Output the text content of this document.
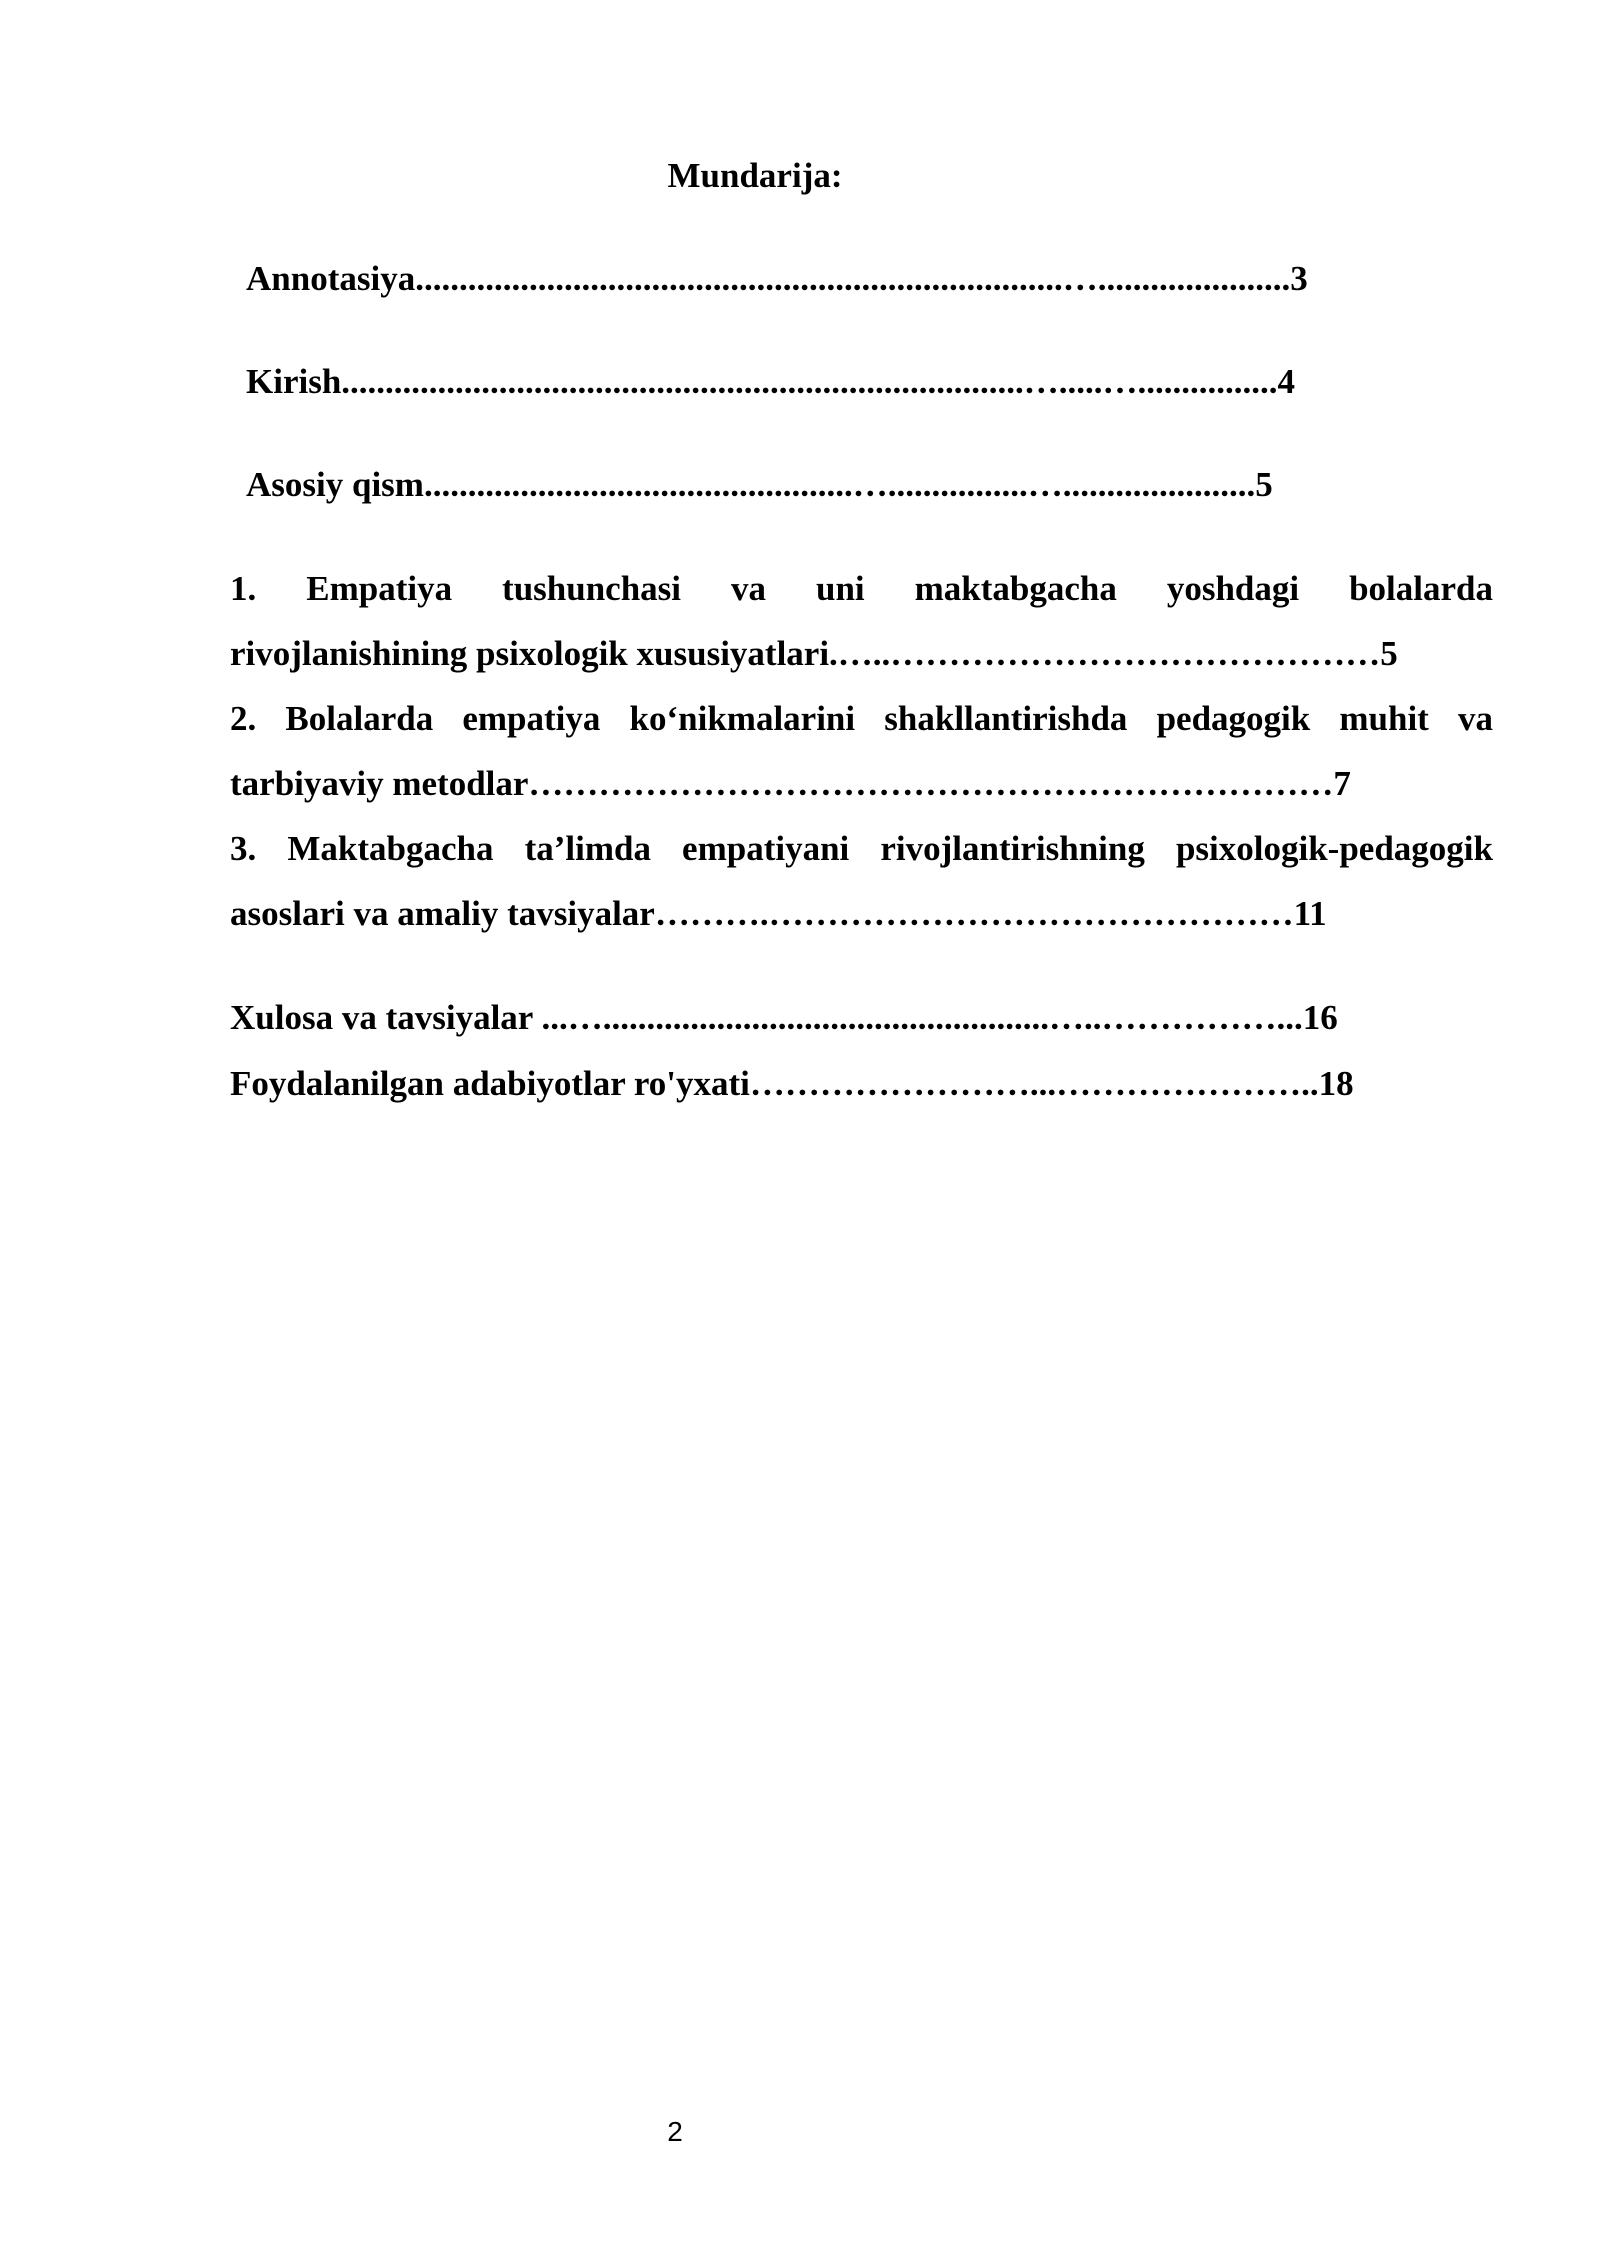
Mundarija:
Annotasiya..........................................................................…......................3
Kirish..............................................................................….....…................4
Asosiy qism.................................................…................…......................5
1. Empatiya tushunchasi va uni maktabgacha yoshdagi bolalarda
rivojlanishining psixologik xususiyatlari.…..……………………………………5
2. Bolalarda empatiya ko‘nikmalarini shakllantirishda pedagogik muhit va
tarbiyaviy metodlar……………………………………………………………7
3. Maktabgacha ta’limda empatiyani rivojlantirishning psixologik-pedagogik
asoslari va amaliy tavsiyalar……….………………………………………11
Xulosa va tavsiyalar ...…...................................................…..……………...16
Foydalanilgan adabiyotlar ro'yxati……………………...…………………..18
2
